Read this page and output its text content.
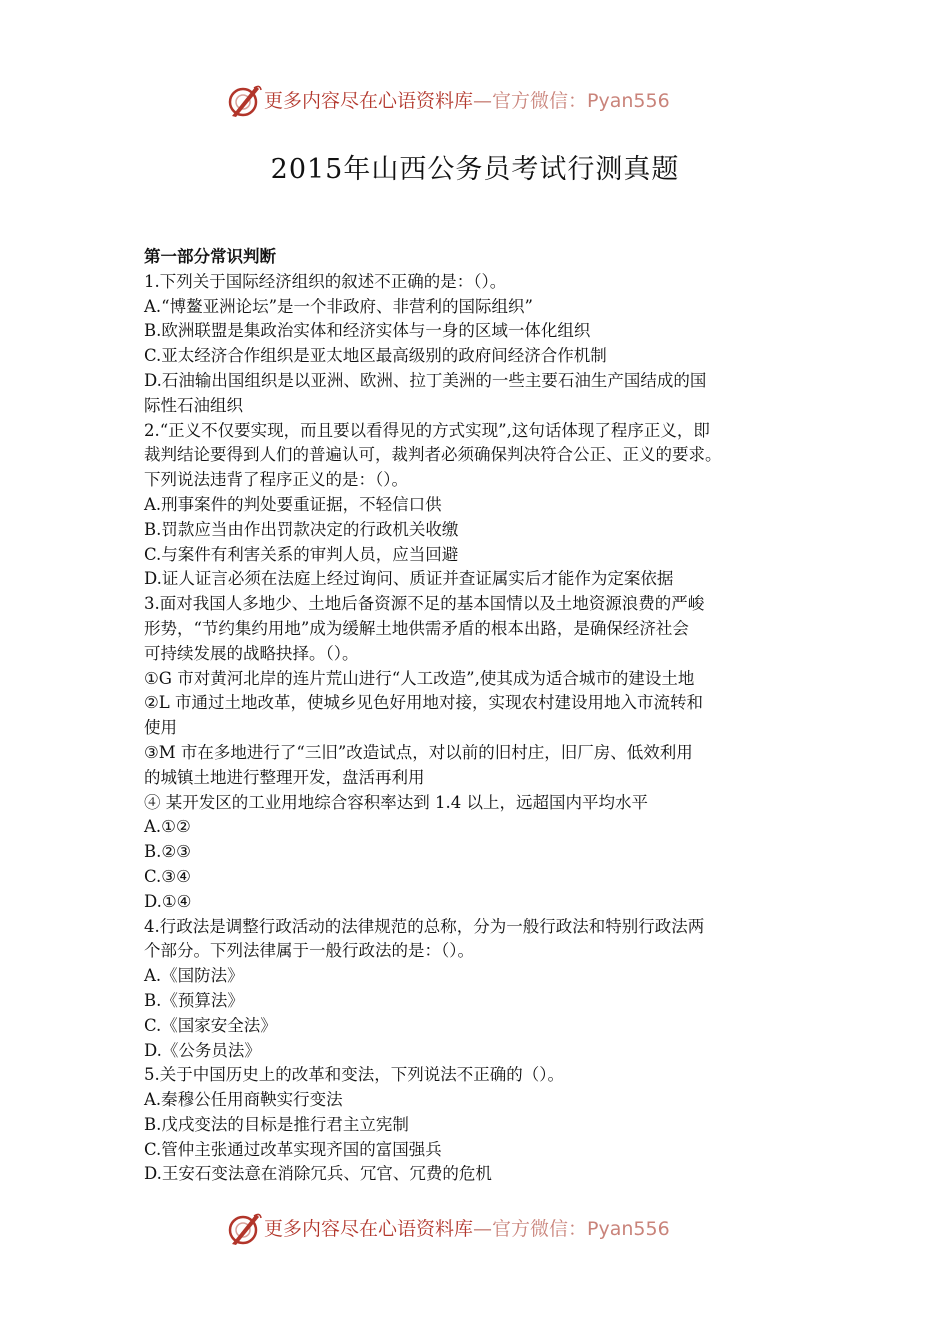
更多内容尽在心语资料库—官方微信：Pyan556
2015年山西公务员考试行测真题
第一部分常识判断
1.下列关于国际经济组织的叙述不正确的是：（）。
A.“博鳌亚洲论坛”是一个非政府、非营利的国际组织”
B.欧洲联盟是集政治实体和经济实体与一身的区域一体化组织
C.亚太经济合作组织是亚太地区最高级别的政府间经济合作机制
D.石油输出国组织是以亚洲、欧洲、拉丁美洲的一些主要石油生产国结成的国
际性石油组织
2.“正义不仅要实现，而且要以看得见的方式实现”,这句话体现了程序正义，即
裁判结论要得到人们的普遍认可，裁判者必须确保判决符合公正、正义的要求。
下列说法违背了程序正义的是：（）。
A.刑事案件的判处要重证据，不轻信口供
B.罚款应当由作出罚款决定的行政机关收缴
C.与案件有利害关系的审判人员，应当回避
D.证人证言必须在法庭上经过询问、质证并查证属实后才能作为定案依据
3.面对我国人多地少、土地后备资源不足的基本国情以及土地资源浪费的严峻
形势，“节约集约用地”成为缓解土地供需矛盾的根本出路，是确保经济社会
可持续发展的战略抉择。（）。
①G 市对黄河北岸的连片荒山进行“人工改造”,使其成为适合城市的建设土地
②L 市通过土地改革，使城乡见色好用地对接，实现农村建设用地入市流转和
使用
③M 市在多地进行了“三旧”改造试点，对以前的旧村庄，旧厂房、低效利用
的城镇土地进行整理开发，盘活再利用
④ 某开发区的工业用地综合容积率达到 1.4 以上，远超国内平均水平
A.①②
B.②③
C.③④
D.①④
4.行政法是调整行政活动的法律规范的总称，分为一般行政法和特别行政法两
个部分。下列法律属于一般行政法的是：（）。
A.《国防法》
B.《预算法》
C.《国家安全法》
D.《公务员法》
5.关于中国历史上的改革和变法，下列说法不正确的（）。
A.秦穆公任用商鞅实行变法
B.戊戌变法的目标是推行君主立宪制
C.管仲主张通过改革实现齐国的富国强兵
D.王安石变法意在消除冗兵、冗官、冗费的危机
更多内容尽在心语资料库—官方微信：Pyan556
